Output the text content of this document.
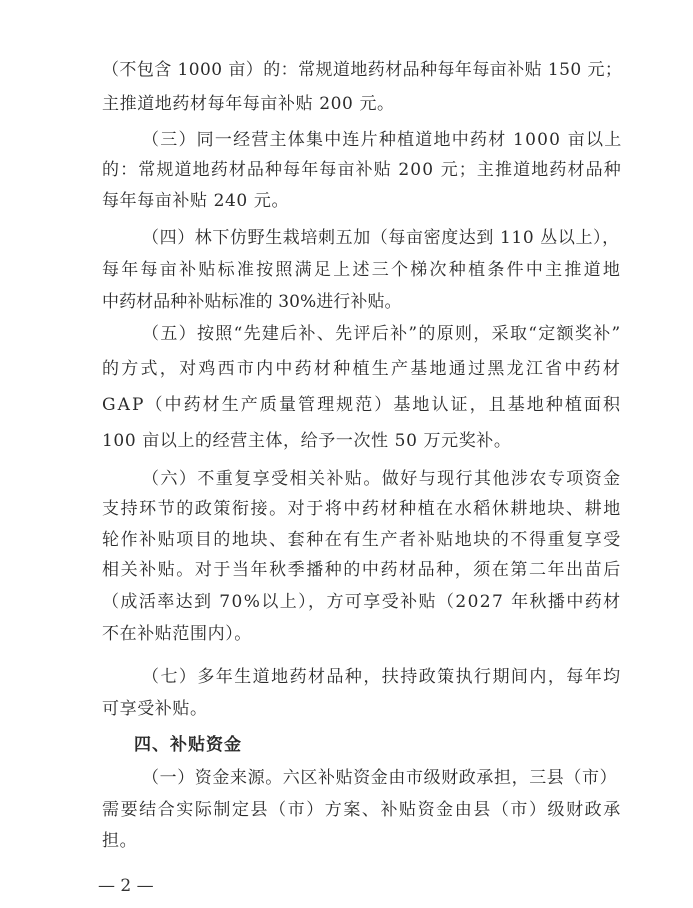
（不包含 1000 亩）的：常规道地药材品种每年每亩补贴 150 元；
主推道地药材每年每亩补贴 200 元。
（三）同一经营主体集中连片种植道地中药材 1000 亩以上
的：常规道地药材品种每年每亩补贴 200 元；主推道地药材品种
每年每亩补贴 240 元。
（四）林下仿野生栽培刺五加（每亩密度达到 110 丛以上），
每年每亩补贴标准按照满足上述三个梯次种植条件中主推道地
中药材品种补贴标准的 30%进行补贴。
（五）按照“先建后补、先评后补”的原则，采取“定额奖补”
的方式，对鸡西市内中药材种植生产基地通过黑龙江省中药材
GAP（中药材生产质量管理规范）基地认证，且基地种植面积
100 亩以上的经营主体，给予一次性 50 万元奖补。
（六）不重复享受相关补贴。做好与现行其他涉农专项资金
支持环节的政策衔接。对于将中药材种植在水稻休耕地块、耕地
轮作补贴项目的地块、套种在有生产者补贴地块的不得重复享受
相关补贴。对于当年秋季播种的中药材品种，须在第二年出苗后
（成活率达到 70%以上），方可享受补贴（2027 年秋播中药材
不在补贴范围内）。
（七）多年生道地药材品种，扶持政策执行期间内，每年均
可享受补贴。
四、补贴资金
（一）资金来源。六区补贴资金由市级财政承担，三县（市）
需要结合实际制定县（市）方案、补贴资金由县（市）级财政承
担。
— 2 —
